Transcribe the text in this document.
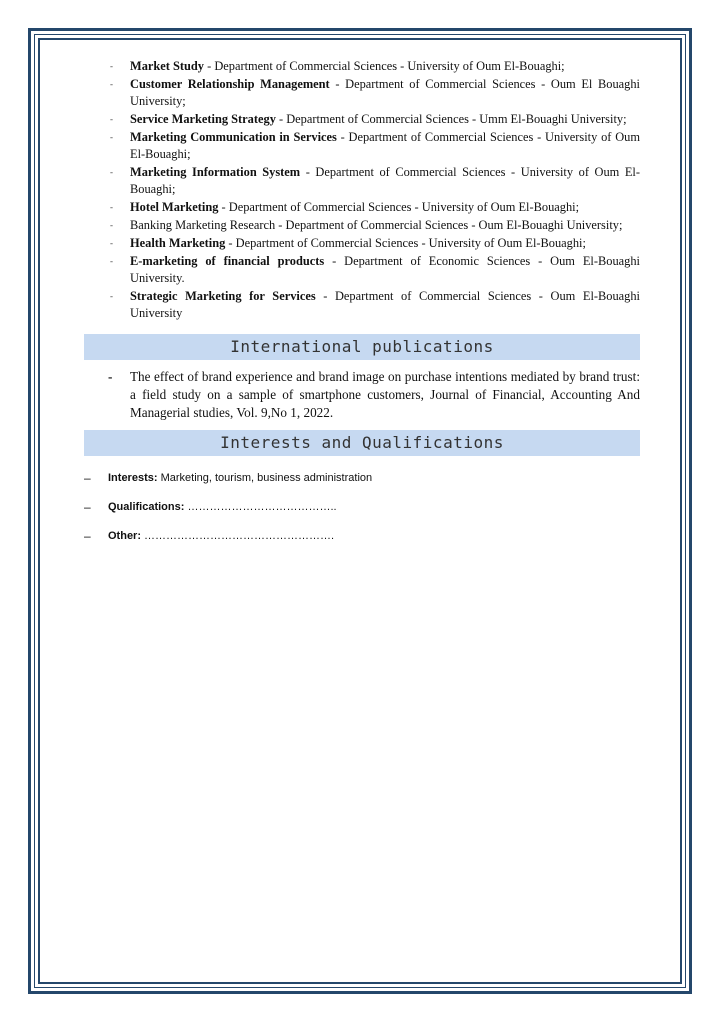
- Market Study - Department of Commercial Sciences - University of Oum El-Bouaghi;
- Customer Relationship Management - Department of Commercial Sciences - Oum El Bouaghi University;
- Service Marketing Strategy - Department of Commercial Sciences - Umm El-Bouaghi University;
- Marketing Communication in Services - Department of Commercial Sciences - University of Oum El-Bouaghi;
- Marketing Information System - Department of Commercial Sciences - University of Oum El-Bouaghi;
- Hotel Marketing - Department of Commercial Sciences - University of Oum El-Bouaghi;
- Banking Marketing Research - Department of Commercial Sciences - Oum El-Bouaghi University;
- Health Marketing - Department of Commercial Sciences - University of Oum El-Bouaghi;
- E-marketing of financial products - Department of Economic Sciences - Oum El-Bouaghi University.
- Strategic Marketing for Services - Department of Commercial Sciences - Oum El-Bouaghi University
International publications
- The effect of brand experience and brand image on purchase intentions mediated by brand trust: a field study on a sample of smartphone customers, Journal of Financial, Accounting And Managerial studies, Vol. 9,No 1, 2022.
Interests and Qualifications
– Interests: Marketing, tourism, business administration
– Qualifications: …………………………………..
– Other: …………………………………………….
